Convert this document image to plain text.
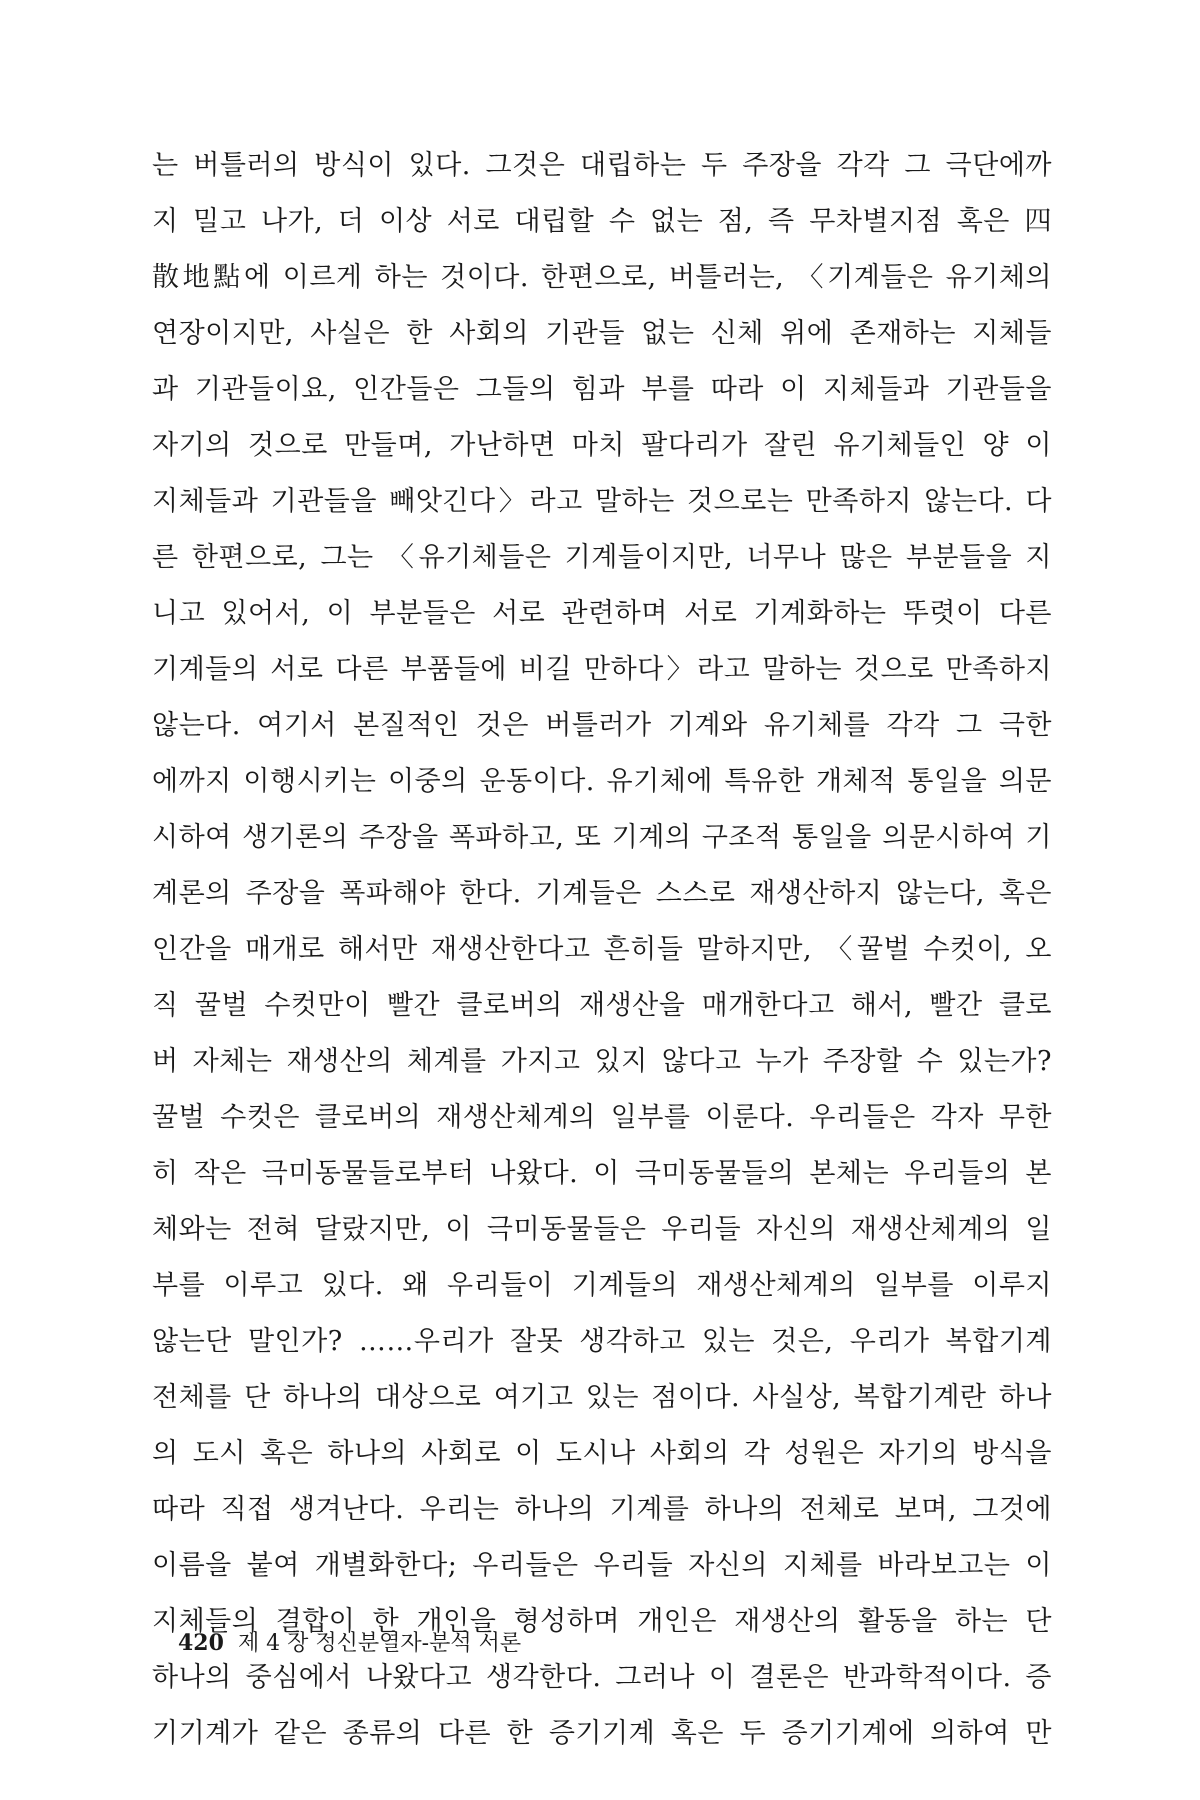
는 버틀러의 방식이 있다. 그것은 대립하는 두 주장을 각각 그 극단에까
지 밀고 나가, 더 이상 서로 대립할 수 없는 점, 즉 무차별지점 혹은 四
散地點에 이르게 하는 것이다. 한편으로, 버틀러는, 〈기계들은 유기체의
연장이지만, 사실은 한 사회의 기관들 없는 신체 위에 존재하는 지체들
과 기관들이요, 인간들은 그들의 힘과 부를 따라 이 지체들과 기관들을
자기의 것으로 만들며, 가난하면 마치 팔다리가 잘린 유기체들인 양 이
지체들과 기관들을 빼앗긴다〉라고 말하는 것으로는 만족하지 않는다. 다
른 한편으로, 그는 〈유기체들은 기계들이지만, 너무나 많은 부분들을 지
니고 있어서, 이 부분들은 서로 관련하며 서로 기계화하는 뚜렷이 다른
기계들의 서로 다른 부품들에 비길 만하다〉라고 말하는 것으로 만족하지
않는다. 여기서 본질적인 것은 버틀러가 기계와 유기체를 각각 그 극한
에까지 이행시키는 이중의 운동이다. 유기체에 특유한 개체적 통일을 의문
시하여 생기론의 주장을 폭파하고, 또 기계의 구조적 통일을 의문시하여 기
계론의 주장을 폭파해야 한다. 기계들은 스스로 재생산하지 않는다, 혹은
인간을 매개로 해서만 재생산한다고 흔히들 말하지만, 〈꿀벌 수컷이, 오
직 꿀벌 수컷만이 빨간 클로버의 재생산을 매개한다고 해서, 빨간 클로
버 자체는 재생산의 체계를 가지고 있지 않다고 누가 주장할 수 있는가?
꿀벌 수컷은 클로버의 재생산체계의 일부를 이룬다. 우리들은 각자 무한
히 작은 극미동물들로부터 나왔다. 이 극미동물들의 본체는 우리들의 본
체와는 전혀 달랐지만, 이 극미동물들은 우리들 자신의 재생산체계의 일
부를 이루고 있다. 왜 우리들이 기계들의 재생산체계의 일부를 이루지
않는단 말인가? ……우리가 잘못 생각하고 있는 것은, 우리가 복합기계
전체를 단 하나의 대상으로 여기고 있는 점이다. 사실상, 복합기계란 하나
의 도시 혹은 하나의 사회로 이 도시나 사회의 각 성원은 자기의 방식을
따라 직접 생겨난다. 우리는 하나의 기계를 하나의 전체로 보며, 그것에
이름을 붙여 개별화한다; 우리들은 우리들 자신의 지체를 바라보고는 이
지체들의 결합이 한 개인을 형성하며 개인은 재생산의 활동을 하는 단
하나의 중심에서 나왔다고 생각한다. 그러나 이 결론은 반과학적이다. 증
기기계가 같은 종류의 다른 한 증기기계 혹은 두 증기기계에 의하여 만
420 제 4 장 정신분열자-분석 서론
